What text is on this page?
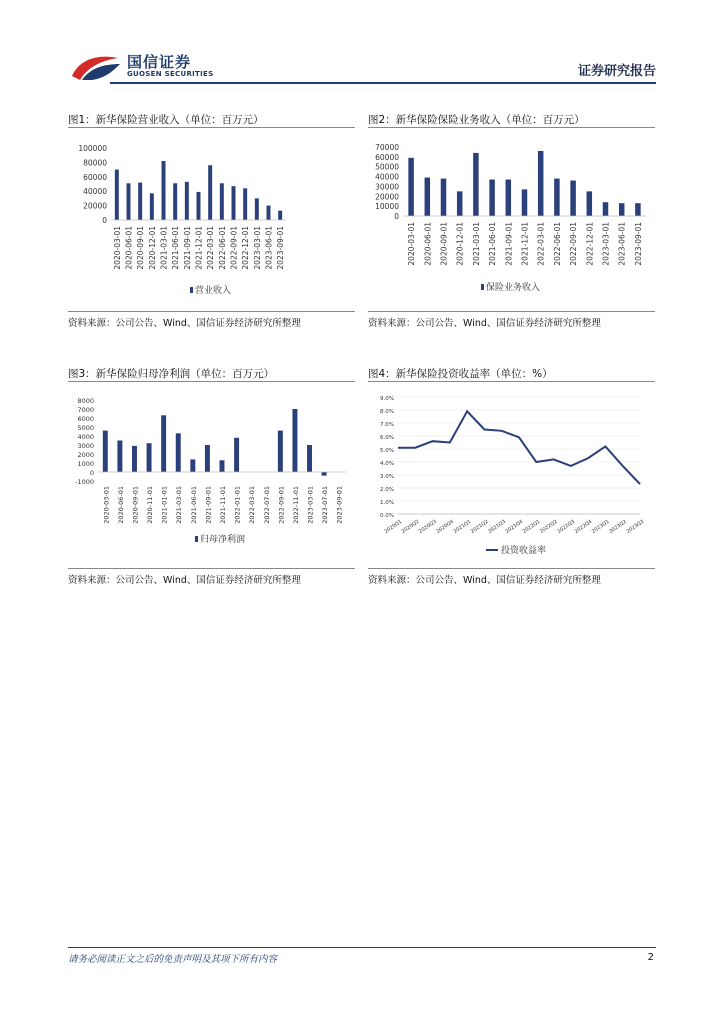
国信证券
GUOSEN SECURITIES	证券研究报告
图1：新华保险营业收入（单位：百万元）
0
20000
40000
60000
80000
100000
2020-03-01 2020-06-01 2020-09-01 2020-12-01 2021-03-01 2021-06-01 2021-09-01 2021-12-01 2022-03-01 2022-06-01 2022-09-01 2022-12-01 2023-03-01 2023-06-01 2023-09-01
营业收入
资料来源：公司公告、Wind、国信证券经济研究所整理
图2：新华保险保险业务收入（单位：百万元）
0
10000
20000
30000
40000
50000
60000
70000
2020-03-01 2020-06-01 2020-09-01 2020-12-01 2021-03-01 2021-06-01 2021-09-01 2021-12-01 2022-03-01 2022-06-01 2022-09-01 2022-12-01 2023-03-01 2023-06-01 2023-09-01
保险业务收入
资料来源：公司公告、Wind、国信证券经济研究所整理
图3：新华保险归母净利润（单位：百万元）
-1000
0
1000
2000
3000
4000
5000
6000
7000
8000
2020-03-01 2020-06-01 2020-09-01 2020-11-01 2021-01-01 2021-03-01 2021-06-01 2021-09-01 2021-11-01 2022-01-01 2022-03-01 2022-07-01 2022-09-01 2022-11-01 2023-03-01 2023-07-01 2023-09-01
归母净利润
资料来源：公司公告、Wind、国信证券经济研究所整理
图4：新华保险投资收益率（单位：%）
0.0%
1.0%
2.0%
3.0%
4.0%
5.0%
6.0%
7.0%
8.0%
9.0%
2020Q1
2020Q2
2020Q3
2020Q4
2021Q1
2021Q2
2021Q3
2021Q4
2022Q1
2022Q2
2022Q3
2022Q4
2023Q1
2023Q2
2023Q3
投资收益率
资料来源：公司公告、Wind、国信证券经济研究所整理
请务必阅读正文之后的免责声明及其项下所有内容	2
